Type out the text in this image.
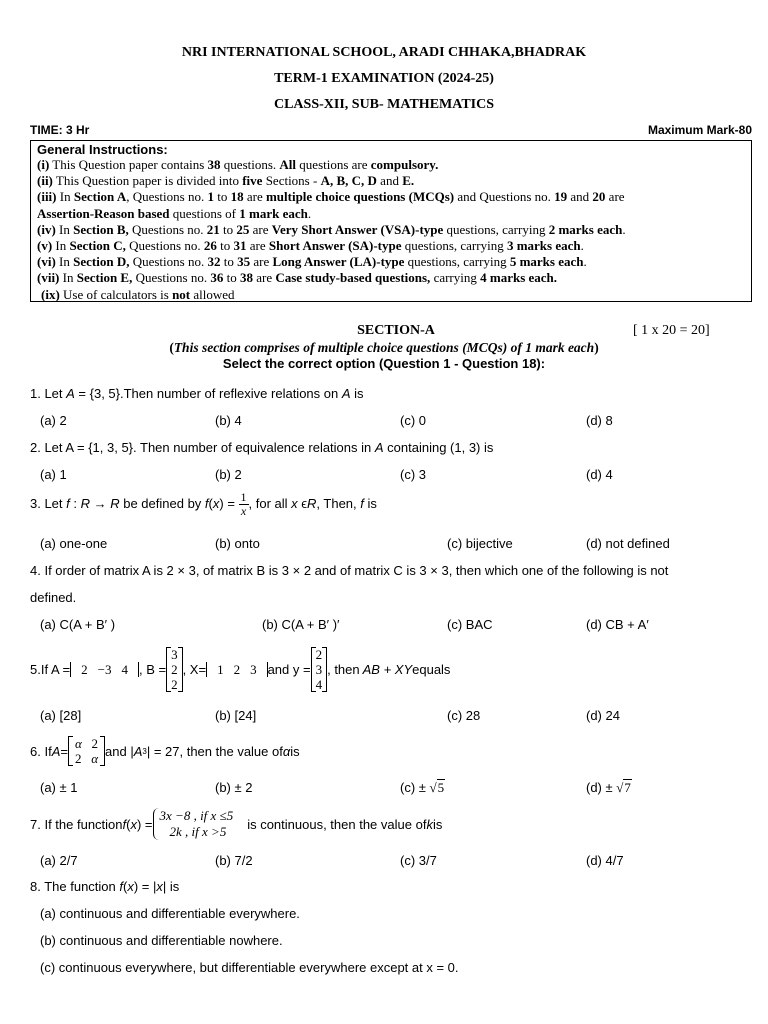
NRI INTERNATIONAL SCHOOL, ARADI CHHAKA,BHADRAK
TERM-1 EXAMINATION (2024-25)
CLASS-XII, SUB- MATHEMATICS
TIME: 3 Hr	Maximum Mark-80
General Instructions:
(i) This Question paper contains 38 questions. All questions are compulsory.
(ii) This Question paper is divided into five Sections - A, B, C, D and E.
(iii) In Section A, Questions no. 1 to 18 are multiple choice questions (MCQs) and Questions no. 19 and 20 are
Assertion-Reason based questions of 1 mark each.
(iv) In Section B, Questions no. 21 to 25 are Very Short Answer (VSA)-type questions, carrying 2 marks each.
(v) In Section C, Questions no. 26 to 31 are Short Answer (SA)-type questions, carrying 3 marks each.
(vi) In Section D, Questions no. 32 to 35 are Long Answer (LA)-type questions, carrying 5 marks each.
(vii) In Section E, Questions no. 36 to 38 are Case study-based questions, carrying 4 marks each.
(ix) Use of calculators is not allowed
SECTION-A	[ 1 x 20 = 20]
(This section comprises of multiple choice questions (MCQs) of 1 mark each)
Select the correct option (Question 1 - Question 18):
1. Let A = {3, 5}.Then number of reflexive relations on A is
(a) 2	(b) 4	(c) 0	(d) 8
2. Let A = {1, 3, 5}. Then number of equivalence relations in A containing (1, 3) is
(a) 1	(b) 2	(c) 3	(d) 4
3. Let f : R → R be defined by $f(x) = \frac{1}{x}$ , for all x ϵR, Then, f is
(a) one-one	(b) onto	(c) bijective	(d) not defined
4. If order of matrix A is 2 × 3, of matrix B is 3 × 2 and of matrix C is 3 × 3, then which one of the following is not
defined.
(a) C(A + B′ )	(b) C(A + B′ )′	(c) BAC	(d) CB + A′
5.If A = 2 −3 4 , B =
3
2
2
, X= 1 2 3 and y =
2
3
4
, then AB + XY equals
(a) [28]	(b) [24]	(c) 28	(d) 24
6. If A = α 2
2 α and | A 3 | = 27, then the value of α is
(a) ± 1	(b) ± 2	(c) ± √5	(d) ± √7
7. If the function f ( x ) =
3x −8 , if x ≤5
2k , if x >5	is continuous, then the value of k is
(a) 2/7	(b) 7/2	(c) 3/7	(d) 4/7
8. The function f(x) = |x| is
(a) continuous and differentiable everywhere.
(b) continuous and differentiable nowhere.
(c) continuous everywhere, but differentiable everywhere except at x = 0.
